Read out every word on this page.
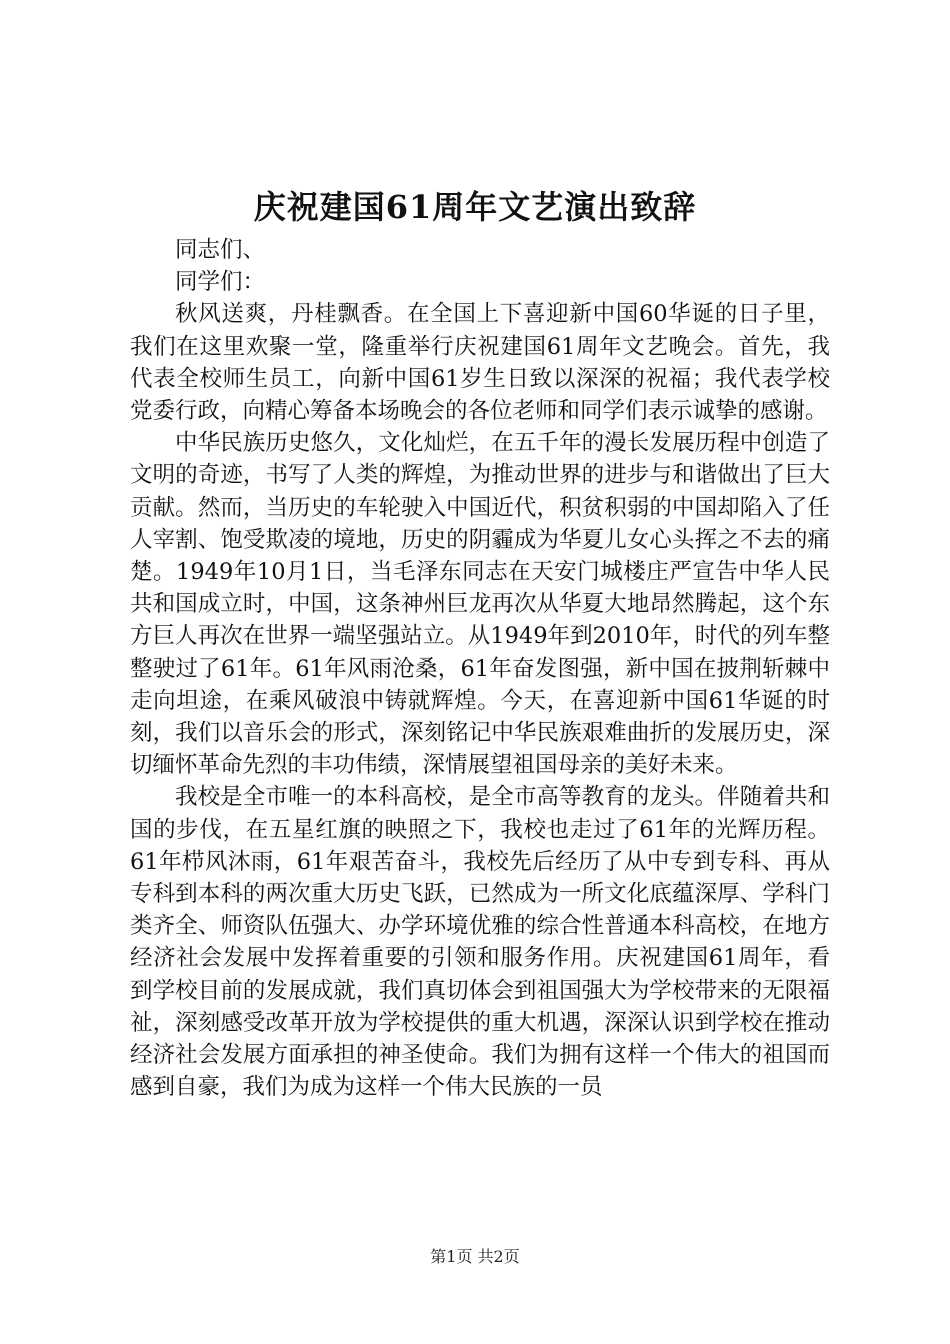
庆祝建国61周年文艺演出致辞

同志们、

同学们：

秋风送爽，丹桂飘香。在全国上下喜迎新中国60华诞的日子里，我们在这里欢聚一堂，隆重举行庆祝建国61周年文艺晚会。首先，我代表全校师生员工，向新中国61岁生日致以深深的祝福；我代表学校党委行政，向精心筹备本场晚会的各位老师和同学们表示诚挚的感谢。

中华民族历史悠久，文化灿烂，在五千年的漫长发展历程中创造了文明的奇迹，书写了人类的辉煌，为推动世界的进步与和谐做出了巨大贡献。然而，当历史的车轮驶入中国近代，积贫积弱的中国却陷入了任人宰割、饱受欺凌的境地，历史的阴霾成为华夏儿女心头挥之不去的痛楚。1949年10月1日，当毛泽东同志在天安门城楼庄严宣告中华人民共和国成立时，中国，这条神州巨龙再次从华夏大地昂然腾起，这个东方巨人再次在世界一端坚强站立。从1949年到2010年，时代的列车整整驶过了61年。61年风雨沧桑，61年奋发图强，新中国在披荆斩棘中走向坦途，在乘风破浪中铸就辉煌。今天，在喜迎新中国61华诞的时刻，我们以音乐会的形式，深刻铭记中华民族艰难曲折的发展历史，深切缅怀革命先烈的丰功伟绩，深情展望祖国母亲的美好未来。

我校是全市唯一的本科高校，是全市高等教育的龙头。伴随着共和国的步伐，在五星红旗的映照之下，我校也走过了61年的光辉历程。61年栉风沐雨，61年艰苦奋斗，我校先后经历了从中专到专科、再从专科到本科的两次重大历史飞跃，已然成为一所文化底蕴深厚、学科门类齐全、师资队伍强大、办学环境优雅的综合性普通本科高校，在地方经济社会发展中发挥着重要的引领和服务作用。庆祝建国61周年，看到学校目前的发展成就，我们真切体会到祖国强大为学校带来的无限福祉，深刻感受改革开放为学校提供的重大机遇，深深认识到学校在推动经济社会发展方面承担的神圣使命。我们为拥有这样一个伟大的祖国而感到自豪，我们为成为这样一个伟大民族的一员

第1页 共2页
